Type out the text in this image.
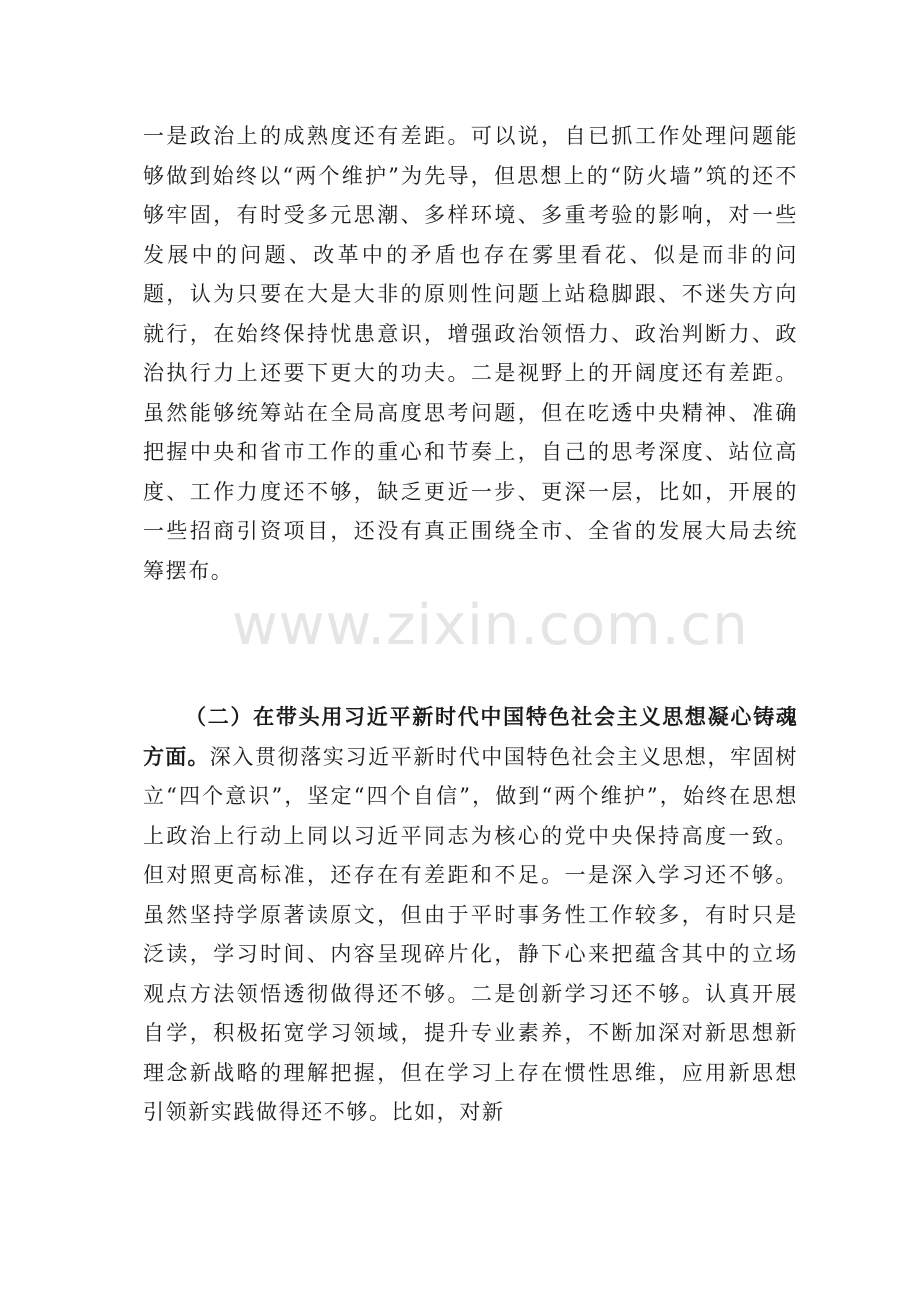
一是政治上的成熟度还有差距。可以说，自已抓工作处理问题能够做到始终以“两个维护”为先导，但思想上的“防火墙”筑的还不够牢固，有时受多元思潮、多样环境、多重考验的影响，对一些发展中的问题、改革中的矛盾也存在雾里看花、似是而非的问题，认为只要在大是大非的原则性问题上站稳脚跟、不迷失方向就行，在始终保持忧患意识，增强政治领悟力、政治判断力、政治执行力上还要下更大的功夫。二是视野上的开阔度还有差距。虽然能够统筹站在全局高度思考问题，但在吃透中央精神、准确把握中央和省市工作的重心和节奏上，自己的思考深度、站位高度、工作力度还不够，缺乏更近一步、更深一层，比如，开展的一些招商引资项目，还没有真正围绕全市、全省的发展大局去统筹摆布。

www.zixin.com.cn

（二）在带头用习近平新时代中国特色社会主义思想凝心铸魂方面。深入贯彻落实习近平新时代中国特色社会主义思想，牢固树立“四个意识”，坚定“四个自信”，做到“两个维护”，始终在思想上政治上行动上同以习近平同志为核心的党中央保持高度一致。但对照更高标准，还存在有差距和不足。一是深入学习还不够。虽然坚持学原著读原文，但由于平时事务性工作较多，有时只是泛读，学习时间、内容呈现碎片化，静下心来把蕴含其中的立场观点方法领悟透彻做得还不够。二是创新学习还不够。认真开展自学，积极拓宽学习领域，提升专业素养，不断加深对新思想新理念新战略的理解把握，但在学习上存在惯性思维，应用新思想引领新实践做得还不够。比如，对新
